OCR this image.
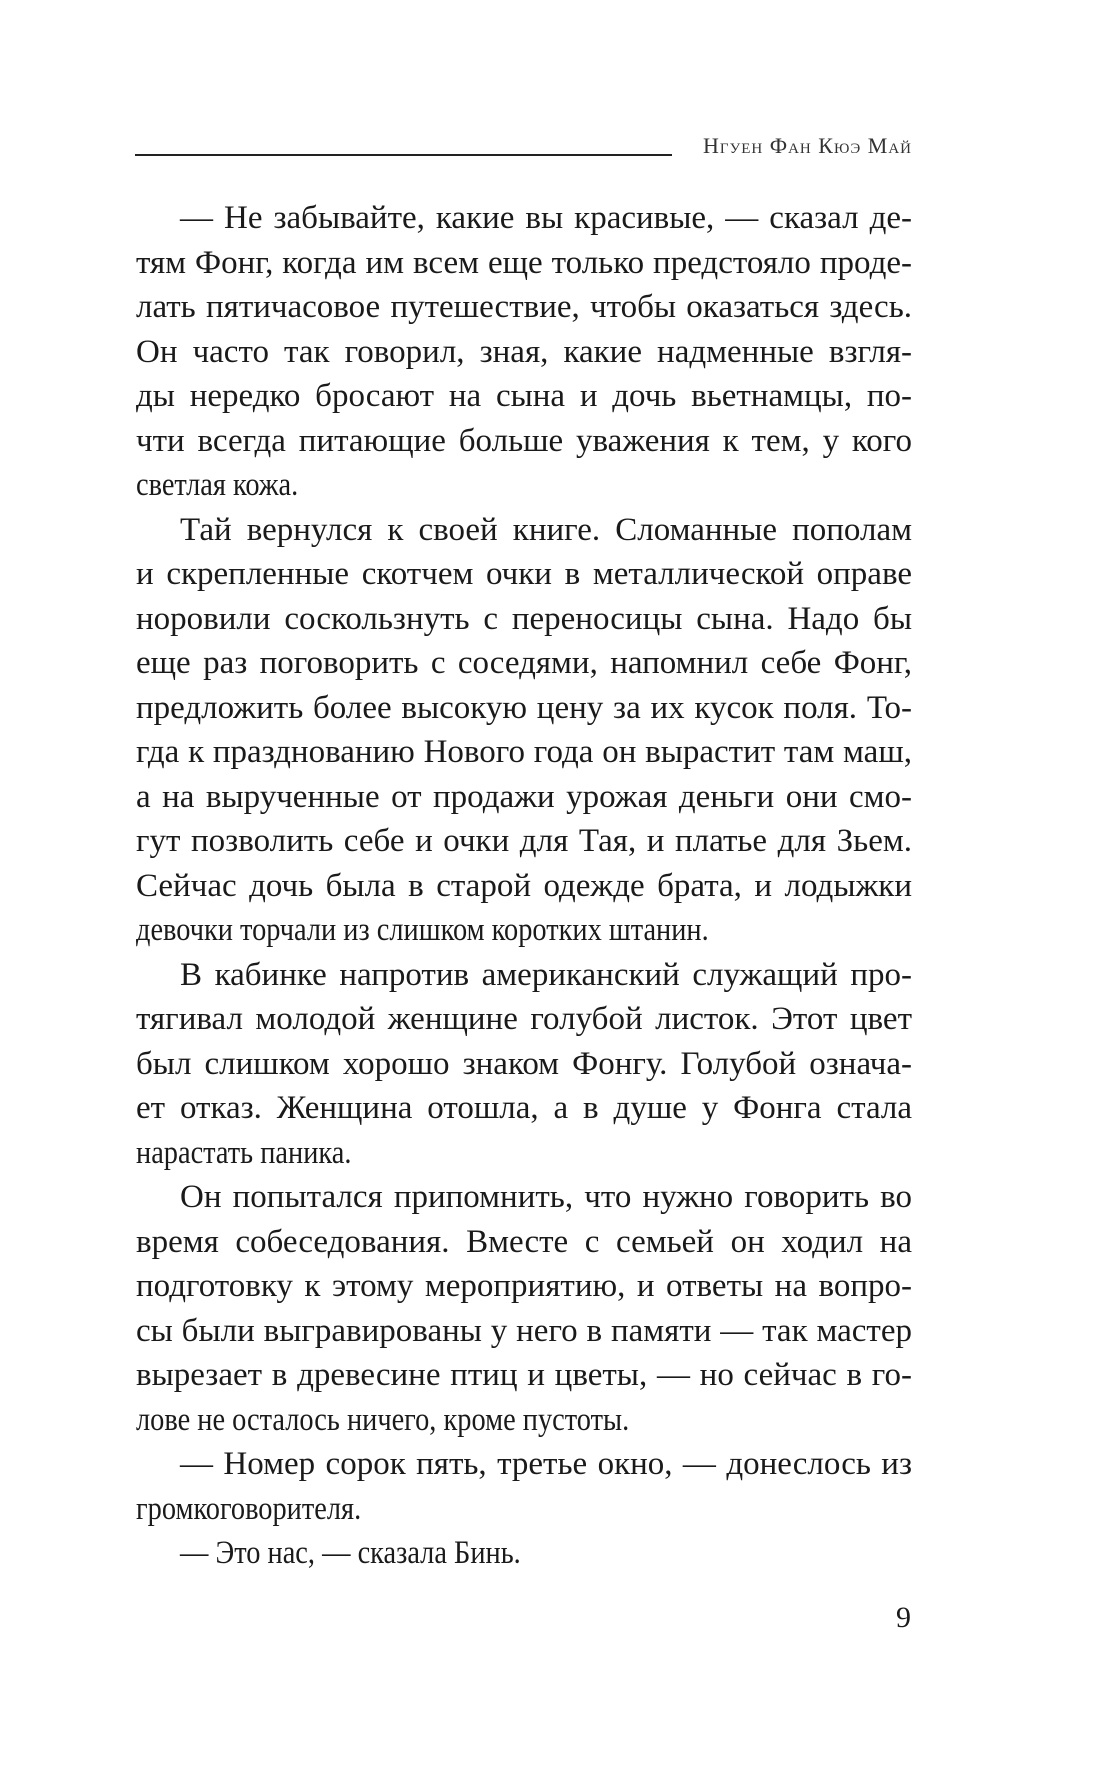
Нгуен Фан Кюэ Май
— Не забывайте, какие вы красивые, — сказал де-
тям Фонг, когда им всем еще только предстояло проде-
лать пятичасовое путешествие, чтобы оказаться здесь.
Он часто так говорил, зная, какие надменные взгля-
ды нередко бросают на сына и дочь вьетнамцы, по-
чти всегда питающие больше уважения к тем, у кого
светлая кожа.
Тай вернулся к своей книге. Сломанные пополам
и скрепленные скотчем очки в металлической оправе
норовили соскользнуть с переносицы сына. Надо бы
еще раз поговорить с соседями, напомнил себе Фонг,
предложить более высокую цену за их кусок поля. То-
гда к празднованию Нового года он вырастит там маш,
а на вырученные от продажи урожая деньги они смо-
гут позволить себе и очки для Тая, и платье для Зьем.
Сейчас дочь была в старой одежде брата, и лодыжки
девочки торчали из слишком коротких штанин.
В кабинке напротив американский служащий про-
тягивал молодой женщине голубой листок. Этот цвет
был слишком хорошо знаком Фонгу. Голубой означа-
ет отказ. Женщина отошла, а в душе у Фонга стала
нарастать паника.
Он попытался припомнить, что нужно говорить во
время собеседования. Вместе с семьей он ходил на
подготовку к этому мероприятию, и ответы на вопро-
сы были выгравированы у него в памяти — так мастер
вырезает в древесине птиц и цветы, — но сейчас в го-
лове не осталось ничего, кроме пустоты.
— Номер сорок пять, третье окно, — донеслось из
громкоговорителя.
— Это нас, — сказала Бинь.
9
